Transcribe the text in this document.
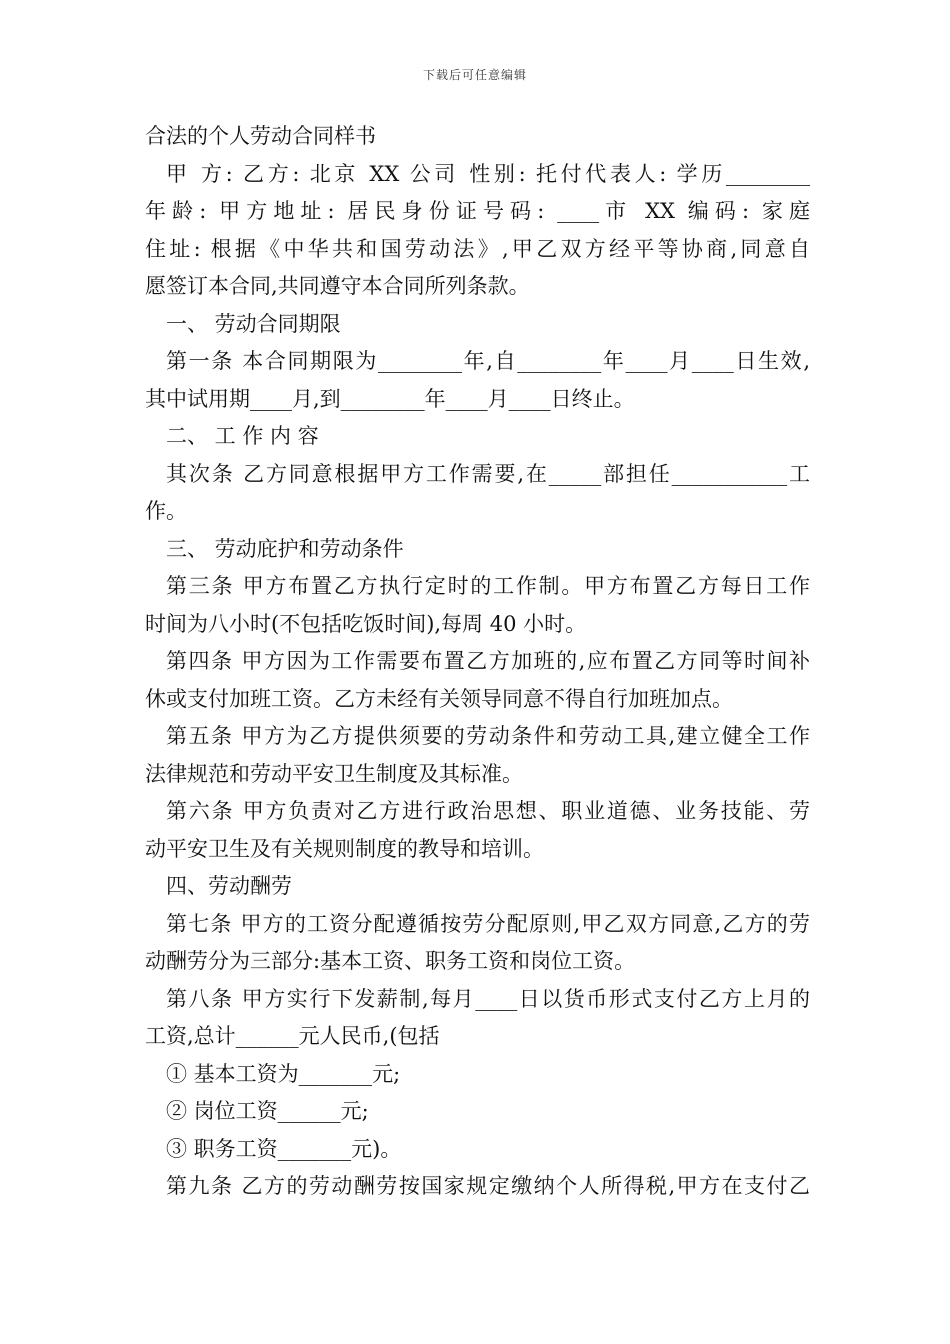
下载后可任意编辑
合法的个人劳动合同样书
甲 方: 乙方: 北京 XX 公司 性别: 托付代表人: 学历________
年龄: 甲方地址: 居民身份证号码: ____市 XX 编码: 家庭
住址: 根据《中华共和国劳动法》,甲乙双方经平等协商,同意自
愿签订本合同,共同遵守本合同所列条款。
一、 劳动合同期限
第一条 本合同期限为________年,自________年____月____日生效,
其中试用期____月,到________年____月____日终止。
二、 工 作 内 容
其次条 乙方同意根据甲方工作需要,在_____部担任___________工
作。
三、 劳动庇护和劳动条件
第三条 甲方布置乙方执行定时的工作制。甲方布置乙方每日工作
时间为八小时(不包括吃饭时间),每周 40 小时。
第四条 甲方因为工作需要布置乙方加班的,应布置乙方同等时间补
休或支付加班工资。乙方未经有关领导同意不得自行加班加点。
第五条 甲方为乙方提供须要的劳动条件和劳动工具,建立健全工作
法律规范和劳动平安卫生制度及其标准。
第六条 甲方负责对乙方进行政治思想、职业道德、业务技能、劳
动平安卫生及有关规则制度的教导和培训。
四、劳动酬劳
第七条 甲方的工资分配遵循按劳分配原则,甲乙双方同意,乙方的劳
动酬劳分为三部分:基本工资、职务工资和岗位工资。
第八条 甲方实行下发薪制,每月____日以货币形式支付乙方上月的
工资,总计______元人民币,(包括
① 基本工资为_______元;
② 岗位工资______元;
③ 职务工资_______元)。
第九条 乙方的劳动酬劳按国家规定缴纳个人所得税,甲方在支付乙
